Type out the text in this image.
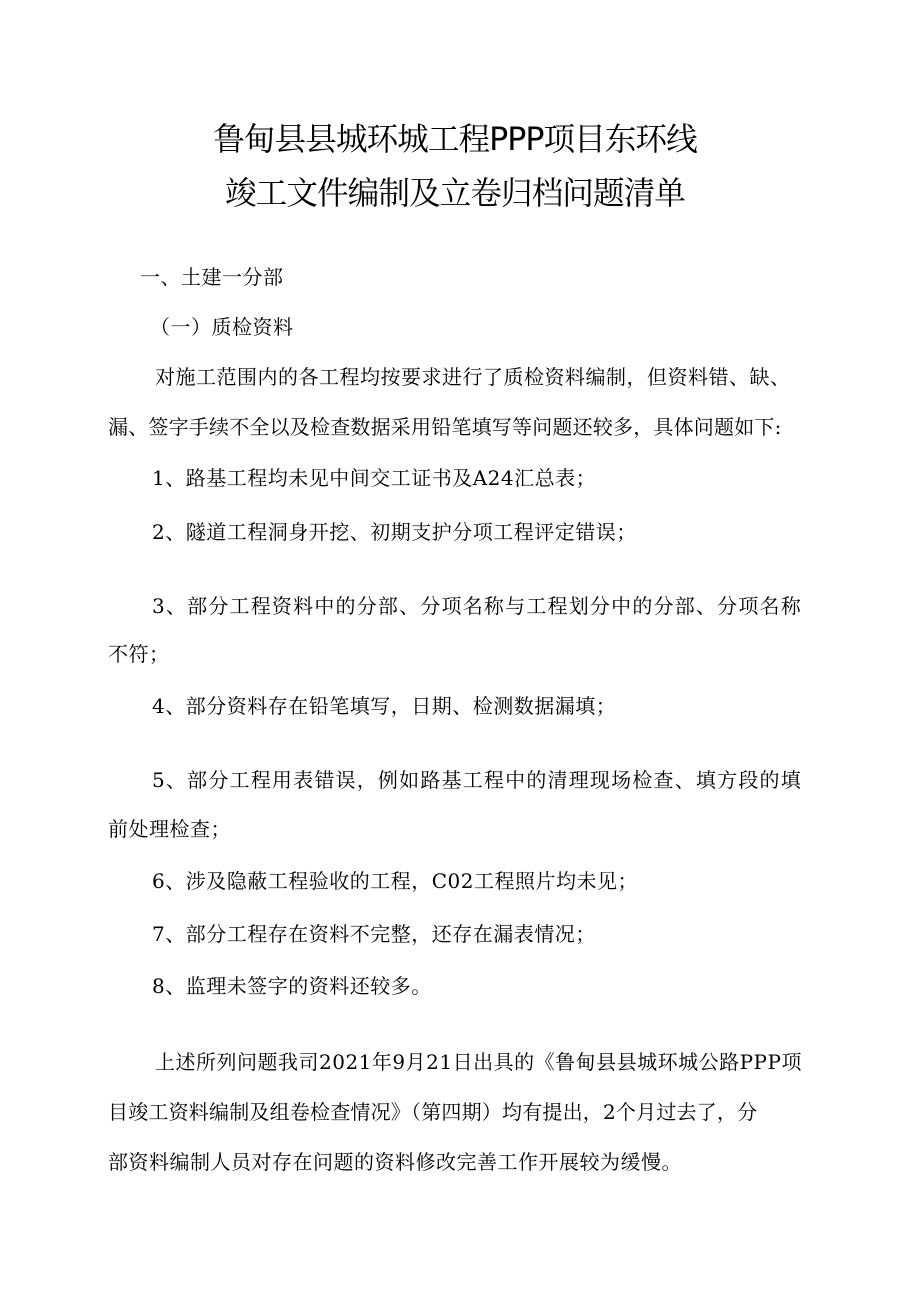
鲁甸县县城环城工程PPP项目东环线
竣工文件编制及立卷归档问题清单
一、土建一分部
（一）质检资料
对施工范围内的各工程均按要求进行了质检资料编制，但资料错、缺、
漏、签字手续不全以及检查数据采用铅笔填写等问题还较多，具体问题如下:
1、路基工程均未见中间交工证书及A24汇总表；
2、隧道工程洞身开挖、初期支护分项工程评定错误；
3、部分工程资料中的分部、分项名称与工程划分中的分部、分项名称
不符；
4、部分资料存在铅笔填写，日期、检测数据漏填；
5、部分工程用表错误，例如路基工程中的清理现场检查、填方段的填
前处理检查；
6、涉及隐蔽工程验收的工程，C02工程照片均未见；
7、部分工程存在资料不完整，还存在漏表情况；
8、监理未签字的资料还较多。
上述所列问题我司2021年9月21日出具的《鲁甸县县城环城公路PPP项
目竣工资料编制及组卷检查情况》（第四期）均有提出，2个月过去了，分
部资料编制人员对存在问题的资料修改完善工作开展较为缓慢。
